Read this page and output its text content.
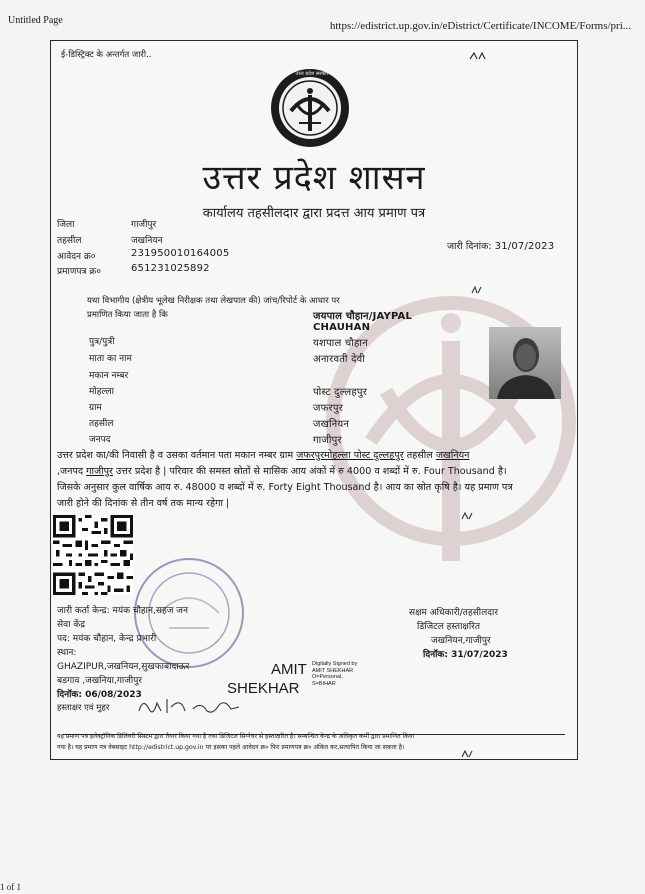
Untitled Page	https://edistrict.up.gov.in/eDistrict/Certificate/INCOME/Forms/pri...
1 of 1
ई-डिस्ट्रिक्ट के अन्तर्गत जारी..
उत्तर प्रदेश सरकार
उत्तर प्रदेश शासन
कार्यालय तहसीलदार द्वारा प्रदत्त आय प्रमाण पत्र
जिला	गाजीपुर
तहसील	जखनियन
आवेदन क्र०	231950010164005
प्रमाणपत्र क्र०	651231025892
जारी दिनांक: 31/07/2023
यथा विभागीय (क्षेत्रीय भूलेख निरीक्षक तथा लेखपाल की) जांच/रिपोर्ट के आधार पर
प्रमाणित किया जाता है कि	जयपाल चौहान/JAYPAL
CHAUHAN
पुत्र/पुत्री	यशपाल चौहान
माता का नाम	अनारवती देवी
मकान नम्बर
मोहल्ला	पोस्ट दुल्लहपुर
ग्राम	जफरपुर
तहसील	जखनियन
जनपद	गाजीपुर
उत्तर प्रदेश का/की निवासी है व उसका वर्तमान पता मकान नम्बर ग्राम जफरपुरमोहल्ला पोस्ट दुल्लहपुर तहसील जखनियन
,जनपद गाजीपुर उत्तर प्रदेश है | परिवार की समस्त स्रोतों से मासिक आय अंकों में रु 4000 व शब्दों में रु. Four Thousand है।
जिसके अनुसार कुल वार्षिक आय रु. 48000 व शब्दों में रु. Forty Eight Thousand है। आय का स्रोत कृषि है। यह प्रमाण पत्र
जारी होने की दिनांक से तीन वर्ष तक मान्य रहेगा |
जारी कर्ता केन्द्र: मयंक चौहान,सहज जन
सेवा केंद्र
पद: मयंक चौहान, केन्द्र प्रभारी
स्थान:
GHAZIPUR,जखनियन,सुखफाबादाऊर
बडगाव ,जखनिया,गाजीपुर
दिनॉक: 06/08/2023
हस्ताक्षर एवं मुहर
AMIT
SHEKHAR
Digitally Signed by
AMIT SHEKHAR
O=Personal,
S=BIHAR
सक्षम अधिकारी/तहसीलदार
डिजिटल हस्ताक्षरित
जखनियन,गाजीपुर
दिनॉक: 31/07/2023
यह प्रमाण पत्र इलेक्ट्रॉनिक डिलिवरी सिस्टम द्वारा तैयार किया गया है तथा डिजिटल सिग्नेचर से हस्ताक्षरित है। सम्बन्धित केन्द्र के अधिकृत कर्मी द्वारा प्रमाणित किया
गया है। यह प्रमाण पत्र वेबसाइट http://edistrict.up.gov.in पर इसका पहले आवेदन क्र० फिर प्रमाणपत्र क्र० अंकित कर,सत्यापित किया जा सकता है।
